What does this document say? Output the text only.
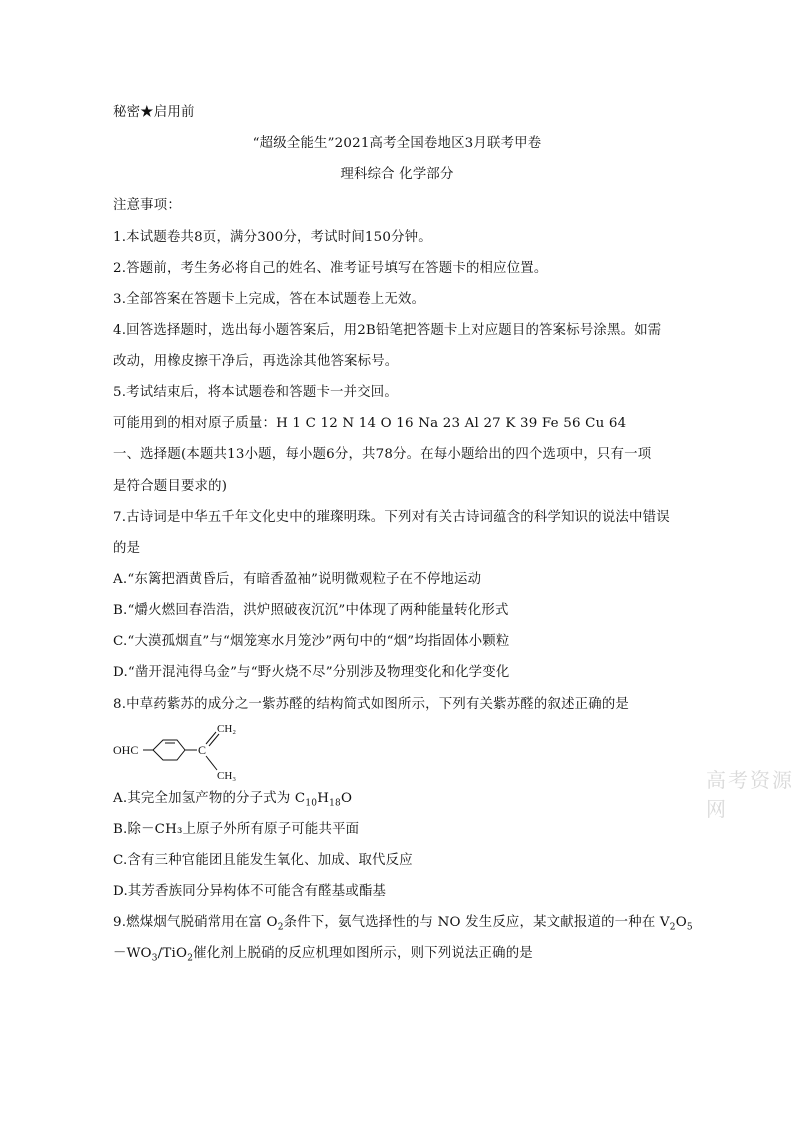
秘密★启用前
“超级全能生”2021高考全国卷地区3月联考甲卷
理科综合 化学部分
注意事项：
1.本试题卷共8页，满分300分，考试时间150分钟。
2.答题前，考生务必将自己的姓名、准考证号填写在答题卡的相应位置。
3.全部答案在答题卡上完成，答在本试题卷上无效。
4.回答选择题时，选出每小题答案后，用2B铅笔把答题卡上对应题目的答案标号涂黑。如需
改动，用橡皮擦干净后，再选涂其他答案标号。
5.考试结束后，将本试题卷和答题卡一并交回。
可能用到的相对原子质量：H 1 C 12 N 14 O 16 Na 23 Al 27 K 39 Fe 56 Cu 64
一、选择题(本题共13小题，每小题6分，共78分。在每小题给出的四个选项中，只有一项
是符合题目要求的)
7.古诗词是中华五千年文化史中的璀璨明珠。下列对有关古诗词蕴含的科学知识的说法中错误
的是
A.“东篱把酒黄昏后，有暗香盈袖”说明微观粒子在不停地运动
B.“爝火燃回春浩浩，洪炉照破夜沉沉”中体现了两种能量转化形式
C.“大漠孤烟直”与“烟笼寒水月笼沙”两句中的“烟”均指固体小颗粒
D.“凿开混沌得乌金”与“野火烧不尽”分别涉及物理变化和化学变化
8.中草药紫苏的成分之一紫苏醛的结构简式如图所示，下列有关紫苏醛的叙述正确的是
OHC	C
CH₂
CH₃	高考资源网
A.其完全加氢产物的分子式为 $C_{10}H_{18}O$
B.除－CH₃上原子外所有原子可能共平面
C.含有三种官能团且能发生氧化、加成、取代反应
D.其芳香族同分异构体不可能含有醛基或酯基
9.燃煤烟气脱硝常用在富 $O_2$条件下，氨气选择性的与 NO 发生反应，某文献报道的一种在 $V_2O_5$
$-WO_3/TiO_2$催化剂上脱硝的反应机理如图所示，则下列说法正确的是
